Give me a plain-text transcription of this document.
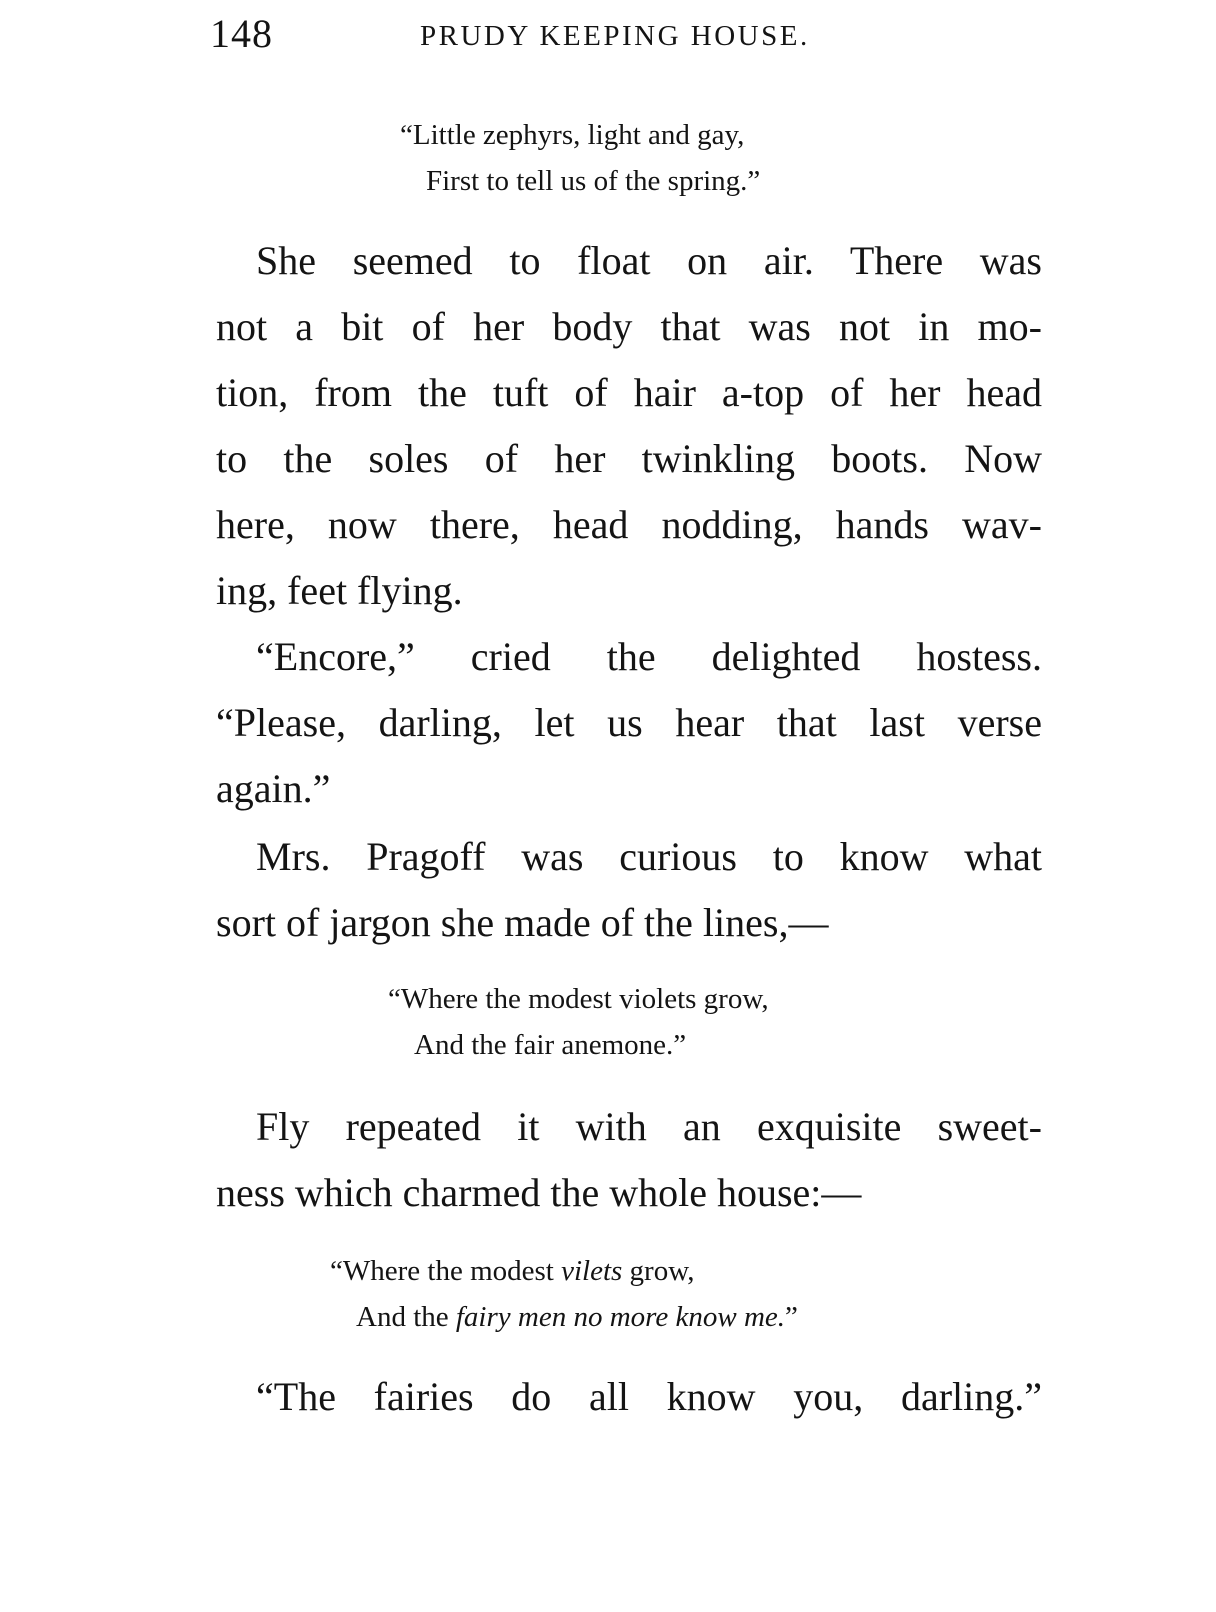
148	PRUDY KEEPING HOUSE.
“Little zephyrs, light and gay,
First to tell us of the spring.”
She seemed to float on air. There was
not a bit of her body that was not in mo-
tion, from the tuft of hair a-top of her head
to the soles of her twinkling boots. Now
here, now there, head nodding, hands wav-
ing, feet flying.
“Encore,” cried the delighted hostess.
“Please, darling, let us hear that last verse
again.”
Mrs. Pragoff was curious to know what
sort of jargon she made of the lines,—
“Where the modest violets grow,
And the fair anemone.”
Fly repeated it with an exquisite sweet-
ness which charmed the whole house:—
“Where the modest vilets grow,
And the fairy men no more know me.”
“The fairies do all know you, darling.”
